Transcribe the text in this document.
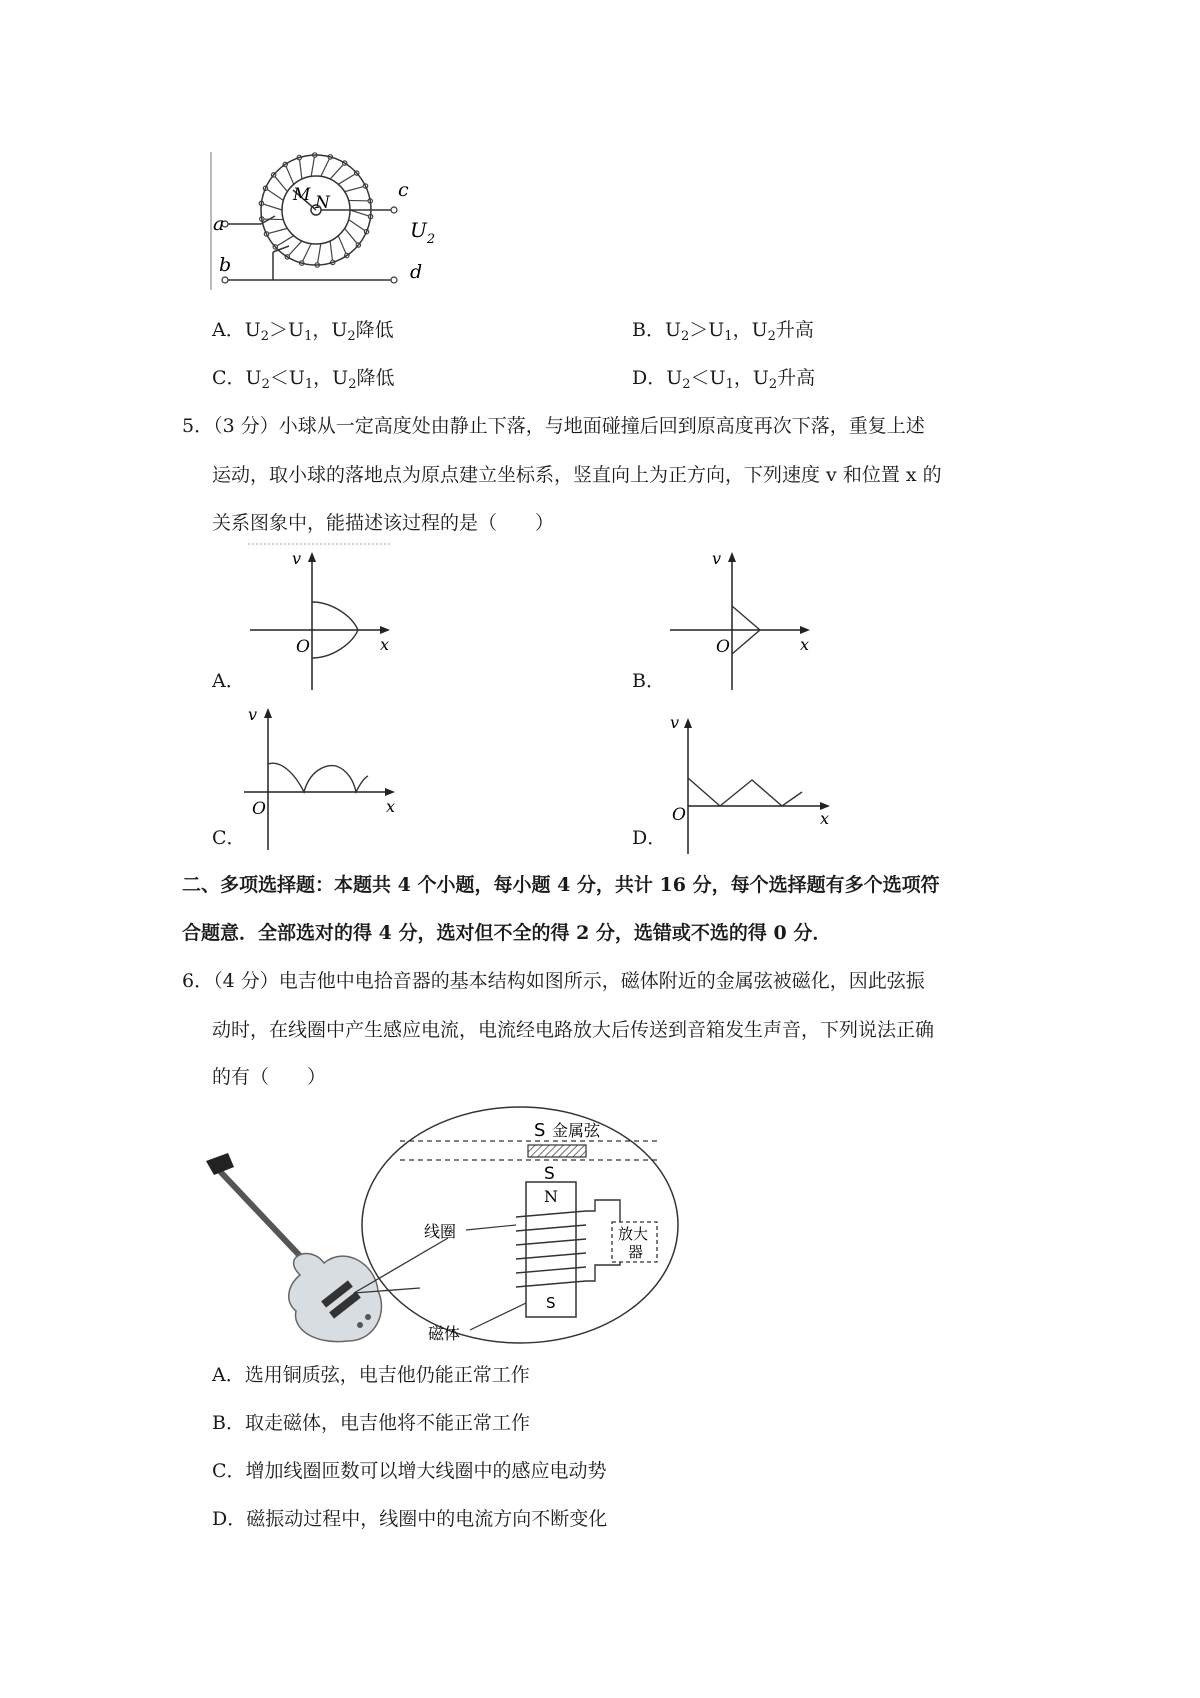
a
b
c
d
M N
$U_2$
A．$U_2>U_1$，$U_2$降低	B．$U_2>U_1$，$U_2$升高
C．$U_2<U_1$，$U_2$降低	D．$U_2<U_1$，$U_2$升高
5．（3 分）小球从一定高度处由静止下落，与地面碰撞后回到原高度再次下落，重复上述
运动，取小球的落地点为原点建立坐标系，竖直向上为正方向，下列速度 v 和位置 x 的
关系图象中，能描述该过程的是（　　）
v
x
O
A．
v
x
O
B．
v
x
O
C．
v
x
O
D．
二、多项选择题：本题共 4 个小题，每小题 4 分，共计 16 分，每个选择题有多个选项符
合题意．全部选对的得 4 分，选对但不全的得 2 分，选错或不选的得 0 分．
6．（4 分）电吉他中电拾音器的基本结构如图所示，磁体附近的金属弦被磁化，因此弦振
动时，在线圈中产生感应电流，电流经电路放大后传送到音箱发生声音，下列说法正确
的有（　　）
S 金属弦
S
N
S
线圈
磁体
放大
器
A．选用铜质弦，电吉他仍能正常工作
B．取走磁体，电吉他将不能正常工作
C．增加线圈匝数可以增大线圈中的感应电动势
D．磁振动过程中，线圈中的电流方向不断变化
